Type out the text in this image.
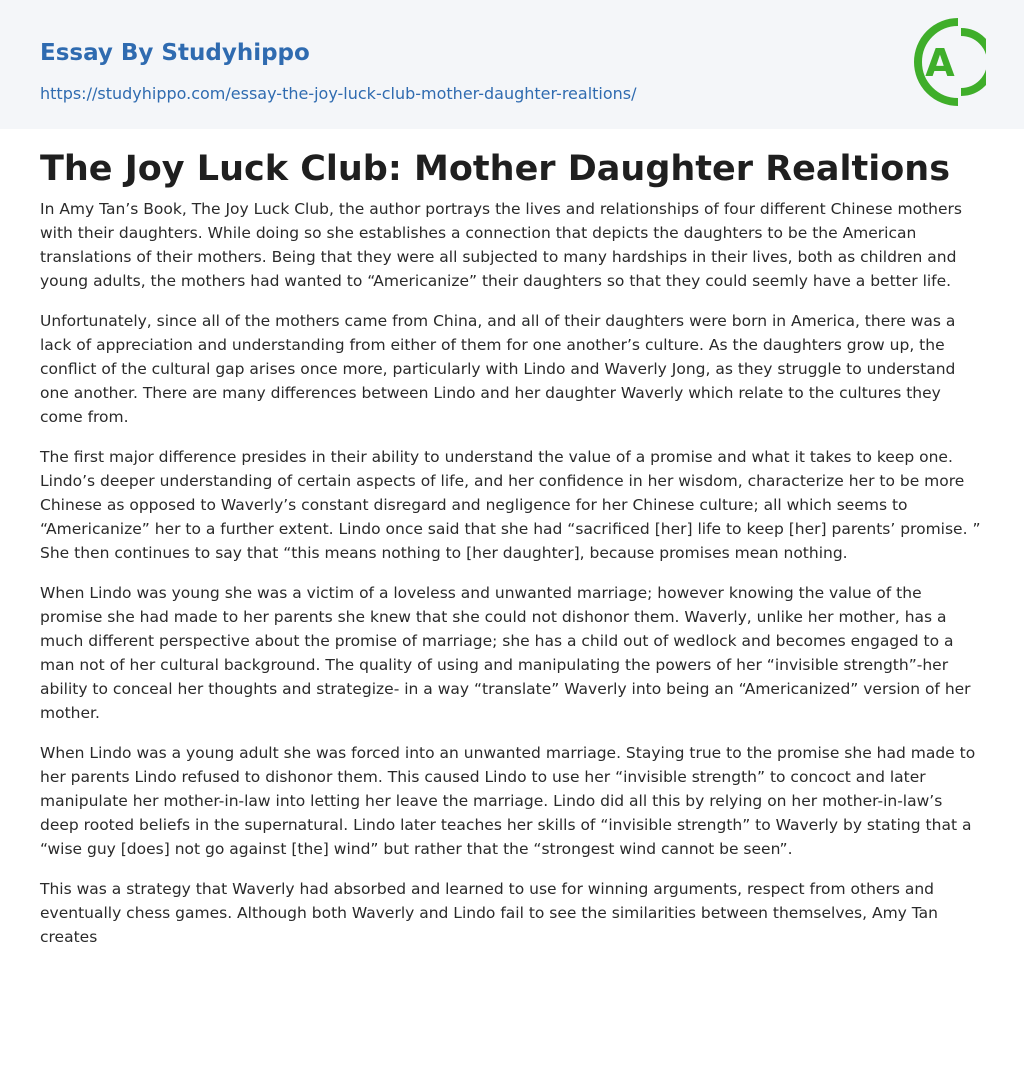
Essay By Studyhippo
https://studyhippo.com/essay-the-joy-luck-club-mother-daughter-realtions/
A
The Joy Luck Club: Mother Daughter Realtions

In Amy Tan’s Book, The Joy Luck Club, the author portrays the lives and relationships of four different Chinese mothers with their daughters. While doing so she establishes a connection that depicts the daughters to be the American translations of their mothers. Being that they were all subjected to many hardships in their lives, both as children and young adults, the mothers had wanted to “Americanize” their daughters so that they could seemly have a better life.

Unfortunately, since all of the mothers came from China, and all of their daughters were born in America, there was a lack of appreciation and understanding from either of them for one another’s culture. As the daughters grow up, the conflict of the cultural gap arises once more, particularly with Lindo and Waverly Jong, as they struggle to understand one another. There are many differences between Lindo and her daughter Waverly which relate to the cultures they come from.

The first major difference presides in their ability to understand the value of a promise and what it takes to keep one. Lindo’s deeper understanding of certain aspects of life, and her confidence in her wisdom, characterize her to be more Chinese as opposed to Waverly’s constant disregard and negligence for her Chinese culture; all which seems to “Americanize” her to a further extent. Lindo once said that she had “sacrificed [her] life to keep [her] parents’ promise. ” She then continues to say that “this means nothing to [her daughter], because promises mean nothing.

When Lindo was young she was a victim of a loveless and unwanted marriage; however knowing the value of the promise she had made to her parents she knew that she could not dishonor them. Waverly, unlike her mother, has a much different perspective about the promise of marriage; she has a child out of wedlock and becomes engaged to a man not of her cultural background. The quality of using and manipulating the powers of her “invisible strength”-her ability to conceal her thoughts and strategize- in a way “translate” Waverly into being an “Americanized” version of her mother.

When Lindo was a young adult she was forced into an unwanted marriage. Staying true to the promise she had made to her parents Lindo refused to dishonor them. This caused Lindo to use her “invisible strength” to concoct and later manipulate her mother-in-law into letting her leave the marriage. Lindo did all this by relying on her mother-in-law’s deep rooted beliefs in the supernatural. Lindo later teaches her skills of “invisible strength” to Waverly by stating that a “wise guy [does] not go against [the] wind” but rather that the “strongest wind cannot be seen”.

This was a strategy that Waverly had absorbed and learned to use for winning arguments, respect from others and eventually chess games. Although both Waverly and Lindo fail to see the similarities between themselves, Amy Tan creates
